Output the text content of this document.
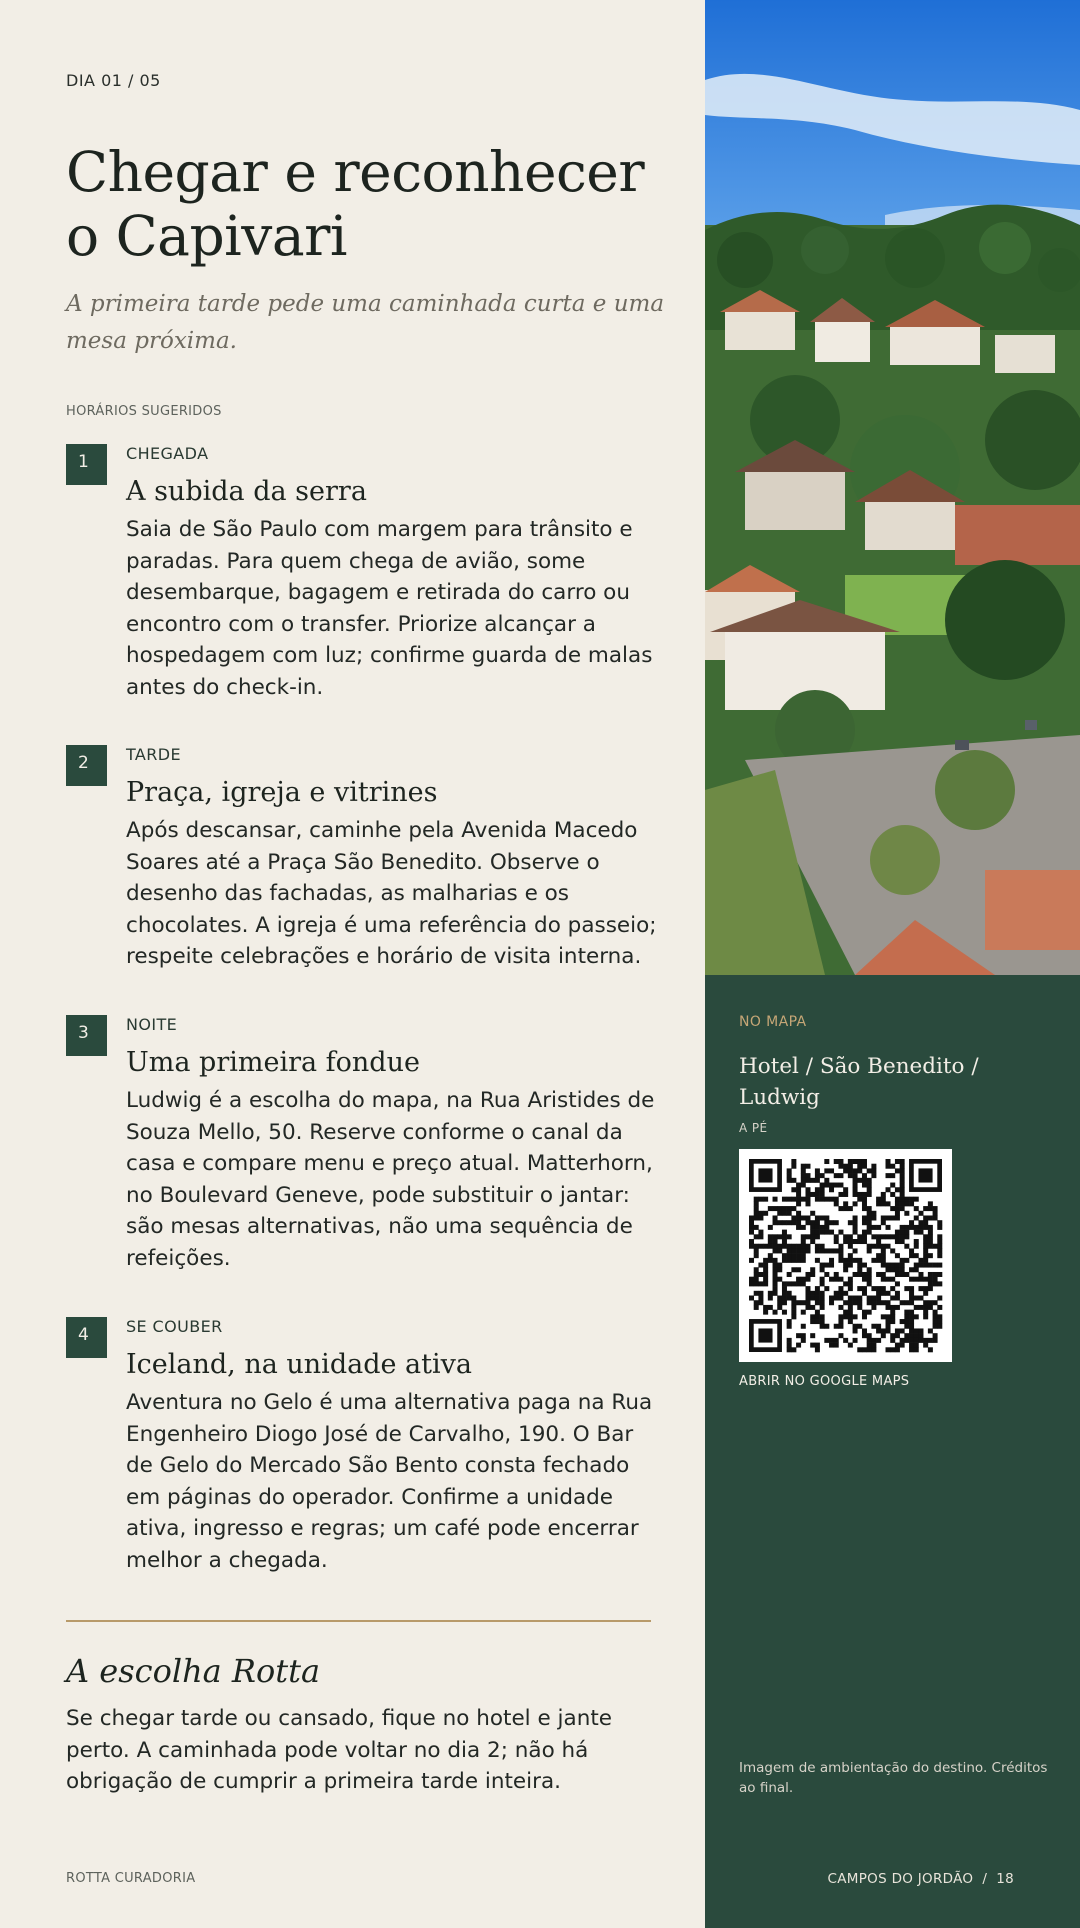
DIA 01 / 05
Chegar e reconhecer o Capivari

A primeira tarde pede uma caminhada curta e uma mesa próxima.

HORÁRIOS SUGERIDOS
1	CHEGADA
A subida da serra
Saia de São Paulo com margem para trânsito e paradas. Para quem chega de avião, some desembarque, bagagem e retirada do carro ou encontro com o transfer. Priorize alcançar a hospedagem com luz; confirme guarda de malas antes do check-in.
2	TARDE
Praça, igreja e vitrines
Após descansar, caminhe pela Avenida Macedo Soares até a Praça São Benedito. Observe o desenho das fachadas, as malharias e os chocolates. A igreja é uma referência do passeio; respeite celebrações e horário de visita interna.
3	NOITE
Uma primeira fondue
Ludwig é a escolha do mapa, na Rua Aristides de Souza Mello, 50. Reserve conforme o canal da casa e compare menu e preço atual. Matterhorn, no Boulevard Geneve, pode substituir o jantar: são mesas alternativas, não uma sequência de refeições.
4	SE COUBER
Iceland, na unidade ativa
Aventura no Gelo é uma alternativa paga na Rua Engenheiro Diogo José de Carvalho, 190. O Bar de Gelo do Mercado São Bento consta fechado em páginas do operador. Confirme a unidade ativa, ingresso e regras; um café pode encerrar melhor a chegada.
A escolha Rotta
Se chegar tarde ou cansado, fique no hotel e jante perto. A caminhada pode voltar no dia 2; não há obrigação de cumprir a primeira tarde inteira.
ROTTA CURADORIA
NO MAPA
Hotel / São Benedito / Ludwig
A PÉ
ABRIR NO GOOGLE MAPS
Imagem de ambientação do destino. Créditos ao final.
CAMPOS DO JORDÃO / 18
